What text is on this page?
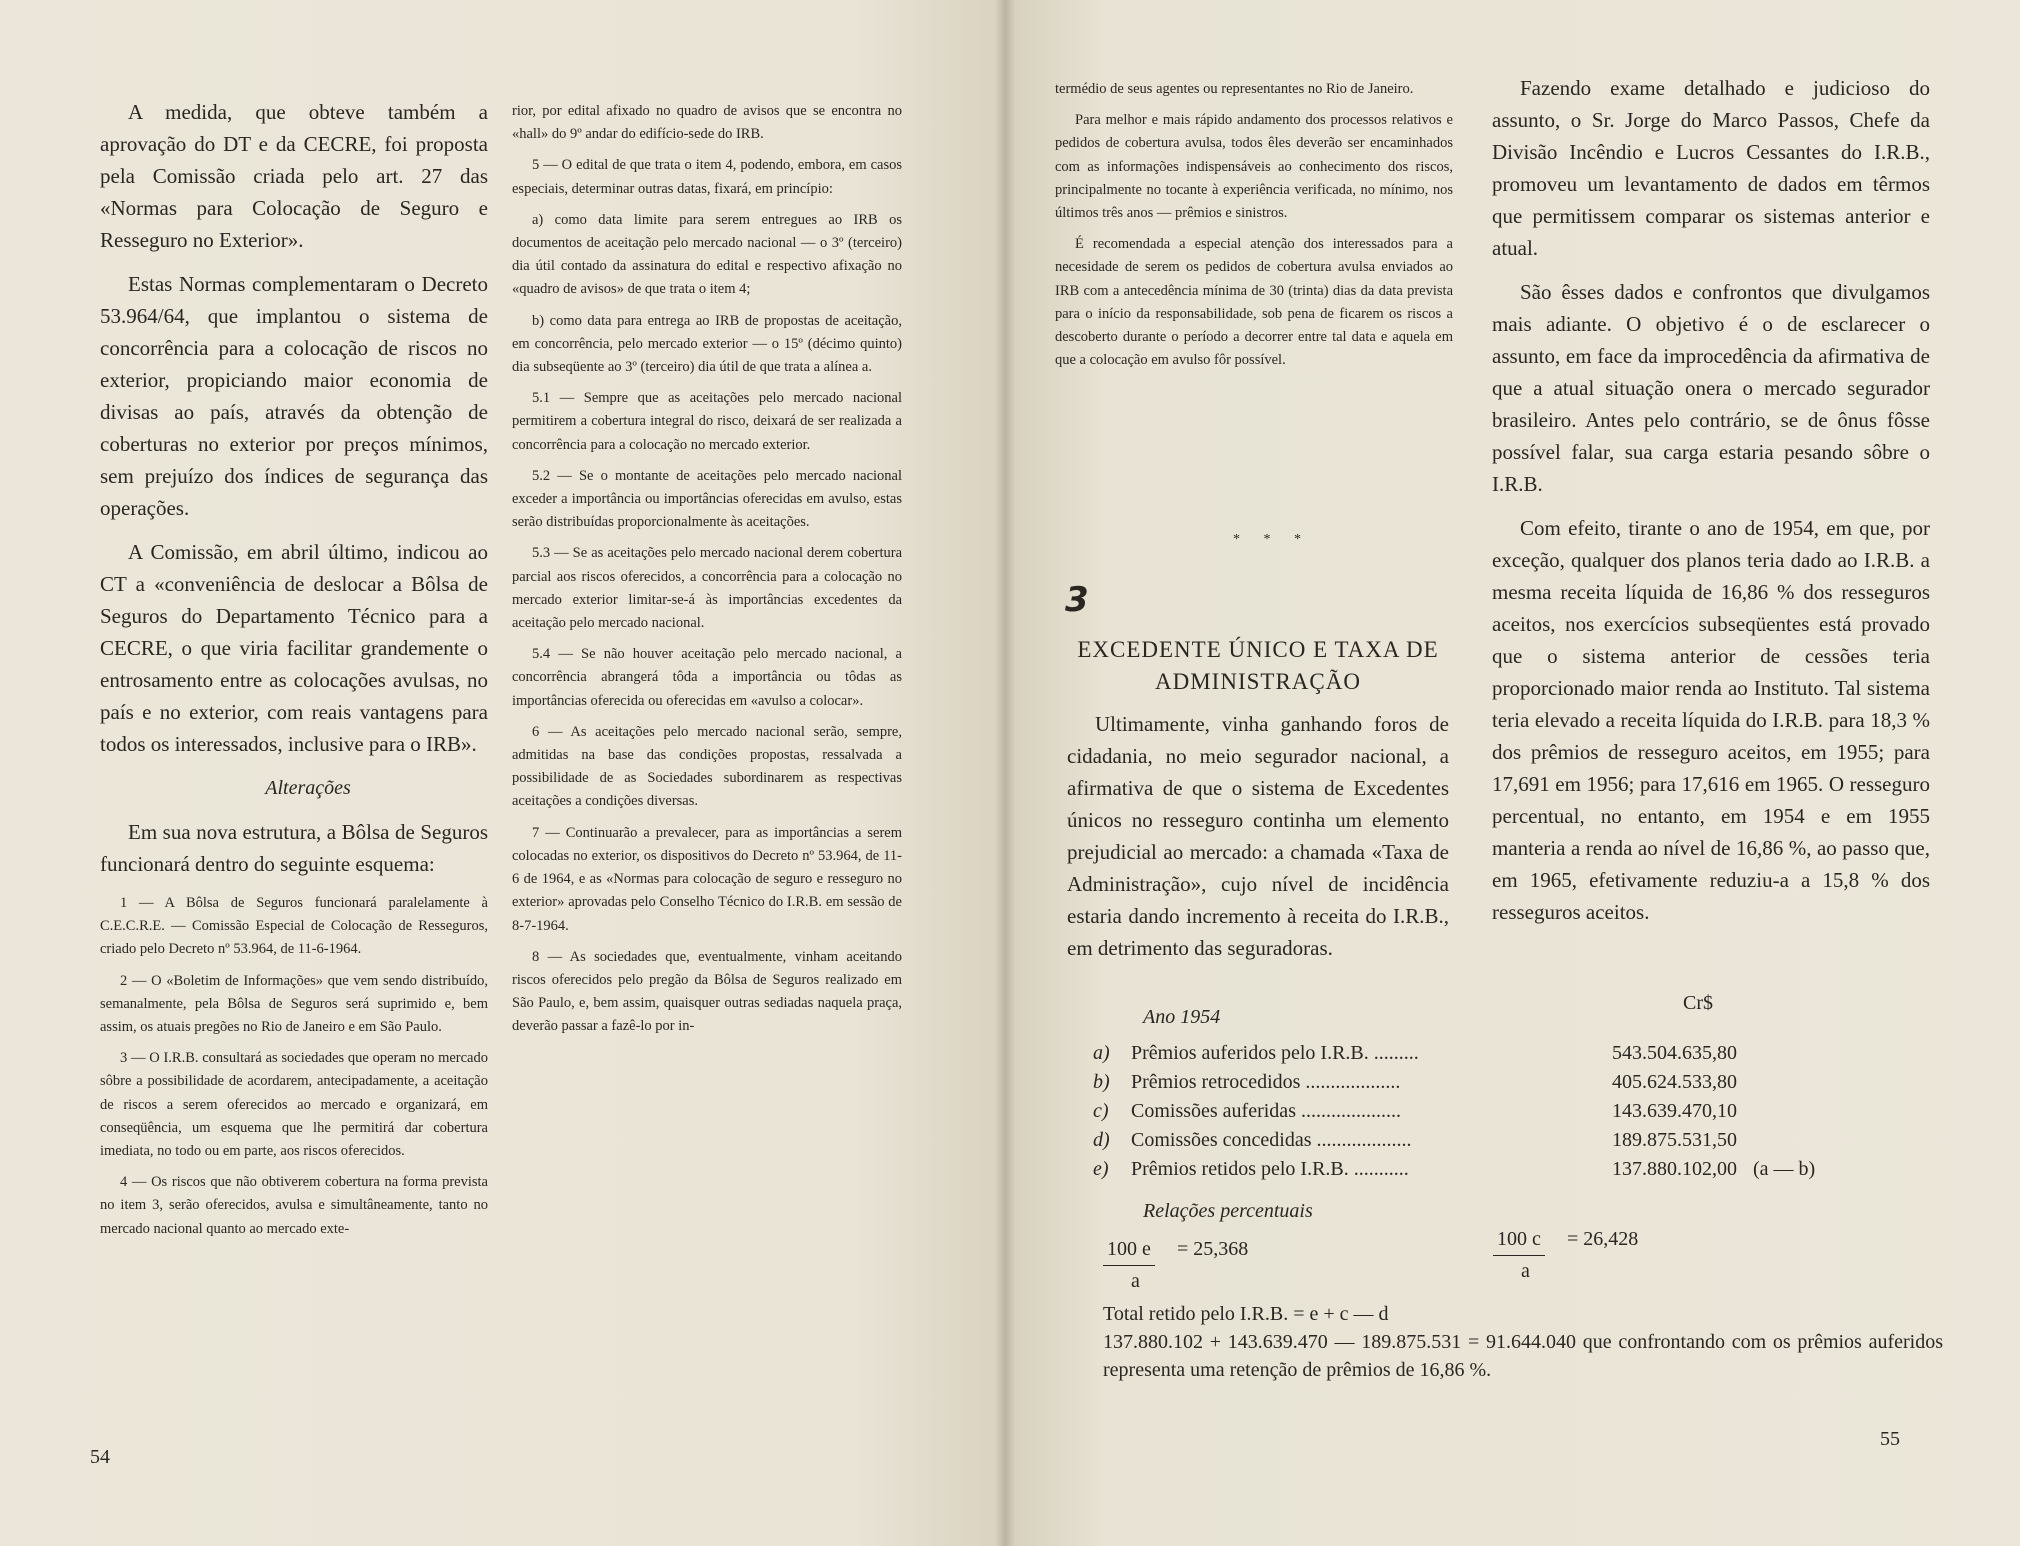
A medida, que obteve também a aprovação do DT e da CECRE, foi proposta pela Comissão criada pelo art. 27 das «Normas para Colocação de Seguro e Resseguro no Exterior».

Estas Normas complementaram o Decreto 53.964/64, que implantou o sistema de concorrência para a colocação de riscos no exterior, propiciando maior economia de divisas ao país, através da obtenção de coberturas no exterior por preços mínimos, sem prejuízo dos índices de segurança das operações.

A Comissão, em abril último, indicou ao CT a «conveniência de deslocar a Bôlsa de Seguros do Departamento Técnico para a CECRE, o que viria facilitar grandemente o entrosamento entre as colocações avulsas, no país e no exterior, com reais vantagens para todos os interessados, inclusive para o IRB».

Alterações

Em sua nova estrutura, a Bôlsa de Seguros funcionará dentro do seguinte esquema:

1 — A Bôlsa de Seguros funcionará paralelamente à C.E.C.R.E. — Comissão Especial de Colocação de Resseguros, criado pelo Decreto nº 53.964, de 11-6-1964.

2 — O «Boletim de Informações» que vem sendo distribuído, semanalmente, pela Bôlsa de Seguros será suprimido e, bem assim, os atuais pregões no Rio de Janeiro e em São Paulo.

3 — O I.R.B. consultará as sociedades que operam no mercado sôbre a possibilidade de acordarem, antecipadamente, a aceitação de riscos a serem oferecidos ao mercado e organizará, em conseqüência, um esquema que lhe permitirá dar cobertura imediata, no todo ou em parte, aos riscos oferecidos.

4 — Os riscos que não obtiverem cobertura na forma prevista no item 3, serão oferecidos, avulsa e simultâneamente, tanto no mercado nacional quanto ao mercado exte-

rior, por edital afixado no quadro de avisos que se encontra no «hall» do 9º andar do edifício-sede do IRB.

5 — O edital de que trata o item 4, podendo, embora, em casos especiais, determinar outras datas, fixará, em princípio:

a) como data limite para serem entregues ao IRB os documentos de aceitação pelo mercado nacional — o 3º (terceiro) dia útil contado da assinatura do edital e respectivo afixação no «quadro de avisos» de que trata o item 4;

b) como data para entrega ao IRB de propostas de aceitação, em concorrência, pelo mercado exterior — o 15º (décimo quinto) dia subseqüente ao 3º (terceiro) dia útil de que trata a alínea a.

5.1 — Sempre que as aceitações pelo mercado nacional permitirem a cobertura integral do risco, deixará de ser realizada a concorrência para a colocação no mercado exterior.

5.2 — Se o montante de aceitações pelo mercado nacional exceder a importância ou importâncias oferecidas em avulso, estas serão distribuídas proporcionalmente às aceitações.

5.3 — Se as aceitações pelo mercado nacional derem cobertura parcial aos riscos oferecidos, a concorrência para a colocação no mercado exterior limitar-se-á às importâncias excedentes da aceitação pelo mercado nacional.

5.4 — Se não houver aceitação pelo mercado nacional, a concorrência abrangerá tôda a importância ou tôdas as importâncias oferecida ou oferecidas em «avulso a colocar».

6 — As aceitações pelo mercado nacional serão, sempre, admitidas na base das condições propostas, ressalvada a possibilidade de as Sociedades subordinarem as respectivas aceitações a condições diversas.

7 — Continuarão a prevalecer, para as importâncias a serem colocadas no exterior, os dispositivos do Decreto nº 53.964, de 11-6 de 1964, e as «Normas para colocação de seguro e resseguro no exterior» aprovadas pelo Conselho Técnico do I.R.B. em sessão de 8-7-1964.

8 — As sociedades que, eventualmente, vinham aceitando riscos oferecidos pelo pregão da Bôlsa de Seguros realizado em São Paulo, e, bem assim, quaisquer outras sediadas naquela praça, deverão passar a fazê-lo por in-

54

termédio de seus agentes ou representantes no Rio de Janeiro.

Para melhor e mais rápido andamento dos processos relativos e pedidos de cobertura avulsa, todos êles deverão ser encaminhados com as informações indispensáveis ao conhecimento dos riscos, principalmente no tocante à experiência verificada, no mínimo, nos últimos três anos — prêmios e sinistros.

É recomendada a especial atenção dos interessados para a necesidade de serem os pedidos de cobertura avulsa enviados ao IRB com a antecedência mínima de 30 (trinta) dias da data prevista para o início da responsabilidade, sob pena de ficarem os riscos a descoberto durante o período a decorrer entre tal data e aquela em que a colocação em avulso fôr possível.

* * *
3
EXCEDENTE ÚNICO E TAXA DE ADMINISTRAÇÃO

Ultimamente, vinha ganhando foros de cidadania, no meio segurador nacional, a afirmativa de que o sistema de Excedentes únicos no resseguro continha um elemento prejudicial ao mercado: a chamada «Taxa de Administração», cujo nível de incidência estaria dando incremento à receita do I.R.B., em detrimento das seguradoras.

Fazendo exame detalhado e judicioso do assunto, o Sr. Jorge do Marco Passos, Chefe da Divisão Incêndio e Lucros Cessantes do I.R.B., promoveu um levantamento de dados em têrmos que permitissem comparar os sistemas anterior e atual.

São êsses dados e confrontos que divulgamos mais adiante. O objetivo é o de esclarecer o assunto, em face da improcedência da afirmativa de que a atual situação onera o mercado segurador brasileiro. Antes pelo contrário, se de ônus fôsse possível falar, sua carga estaria pesando sôbre o I.R.B.

Com efeito, tirante o ano de 1954, em que, por exceção, qualquer dos planos teria dado ao I.R.B. a mesma receita líquida de 16,86 % dos resseguros aceitos, nos exercícios subseqüentes está provado que o sistema anterior de cessões teria proporcionado maior renda ao Instituto. Tal sistema teria elevado a receita líquida do I.R.B. para 18,3 % dos prêmios de resseguro aceitos, em 1955; para 17,691 em 1956; para 17,616 em 1965. O resseguro percentual, no entanto, em 1954 e em 1955 manteria a renda ao nível de 16,86 %, ao passo que, em 1965, efetivamente reduziu-a a 15,8 % dos resseguros aceitos.

Cr$
Ano 1954
a)	Prêmios auferidos pelo I.R.B. .........	543.504.635,80
b)	Prêmios retrocedidos ...................	405.624.533,80
c)	Comissões auferidas ....................	143.639.470,10
d)	Comissões concedidas ...................	189.875.531,50
e)	Prêmios retidos pelo I.R.B. ...........	137.880.102,00 (a — b)
Relações percentuais
$\frac{100 e}{a} = 25,368$	$\frac{100 c}{a} = 26,428$
Total retido pelo I.R.B. = e + c — d
137.880.102 + 143.639.470 — 189.875.531 = 91.644.040 que confrontando com os prêmios auferidos representa uma retenção de prêmios de 16,86 %.
55
